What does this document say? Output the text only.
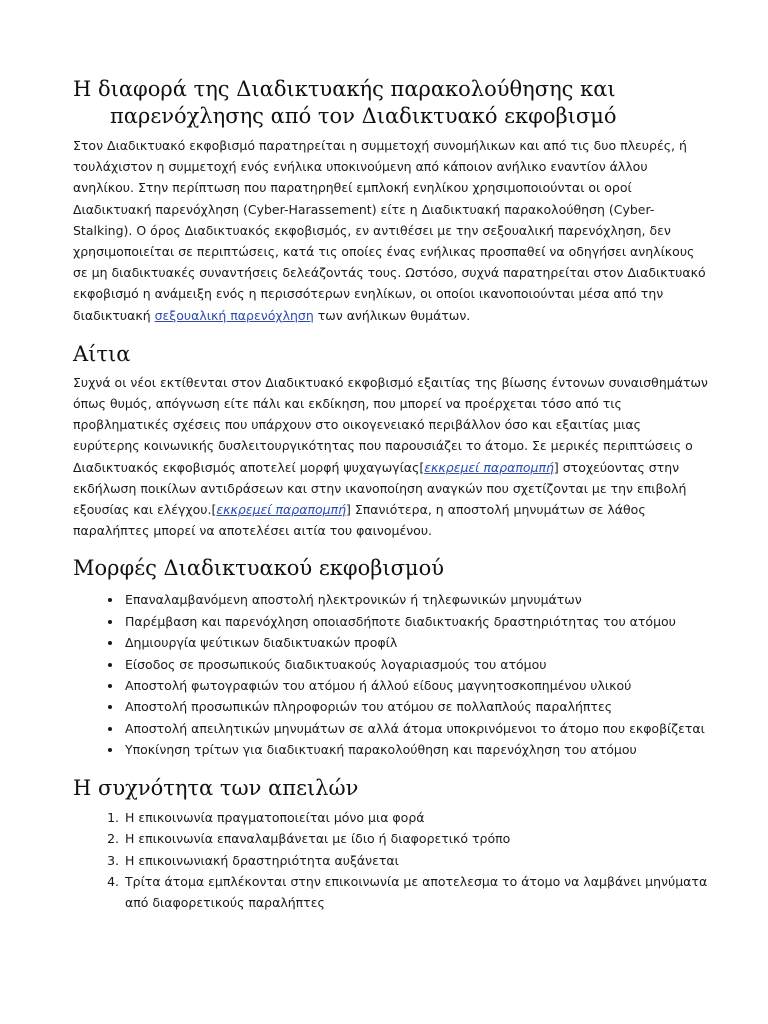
Η διαφορά της Διαδικτυακής παρακολούθησης και
παρενόχλησης από τον Διαδικτυακό εκφοβισμό

Στον Διαδικτυακό εκφοβισμό παρατηρείται η συμμετοχή συνομήλικων και από τις δυο πλευρές, ή τουλάχιστον η συμμετοχή ενός ενήλικα υποκινούμενη από κάποιον ανήλικο εναντίον άλλου ανηλίκου. Στην περίπτωση που παρατηρηθεί εμπλοκή ενηλίκου χρησιμοποιούνται οι οροί Διαδικτυακή παρενόχληση (Cyber-Harassement) είτε η Διαδικτυακή παρακολούθηση (Cyber-Stalking). Ο όρος Διαδικτυακός εκφοβισμός, εν αντιθέσει με την σεξουαλική παρενόχληση, δεν χρησιμοποιείται σε περιπτώσεις, κατά τις οποίες ένας ενήλικας προσπαθεί να οδηγήσει ανηλίκους σε μη διαδικτυακές συναντήσεις δελεάζοντάς τους. Ωστόσο, συχνά παρατηρείται στον Διαδικτυακό εκφοβισμό η ανάμειξη ενός η περισσότερων ενηλίκων, οι οποίοι ικανοποιούνται μέσα από την διαδικτυακή σεξουαλική παρενόχληση των ανήλικων θυμάτων.

Αίτια

Συχνά οι νέοι εκτίθενται στον Διαδικτυακό εκφοβισμό εξαιτίας της βίωσης έντονων συναισθημάτων όπως θυμός, απόγνωση είτε πάλι και εκδίκηση, που μπορεί να προέρχεται τόσο από τις προβληματικές σχέσεις που υπάρχουν στο οικογενειακό περιβάλλον όσο και εξαιτίας μιας ευρύτερης κοινωνικής δυσλειτουργικότητας που παρουσιάζει το άτομο. Σε μερικές περιπτώσεις ο Διαδικτυακός εκφοβισμός αποτελεί μορφή ψυχαγωγίας[εκκρεμεί παραπομπή] στοχεύοντας στην εκδήλωση ποικίλων αντιδράσεων και στην ικανοποίηση αναγκών που σχετίζονται με την επιβολή εξουσίας και ελέγχου.[εκκρεμεί παραπομπή] Σπανιότερα, η αποστολή μηνυμάτων σε λάθος παραλήπτες μπορεί να αποτελέσει αιτία του φαινομένου.

Μορφές Διαδικτυακού εκφοβισμού
• Επαναλαμβανόμενη αποστολή ηλεκτρονικών ή τηλεφωνικών μηνυμάτων
• Παρέμβαση και παρενόχληση οποιασδήποτε διαδικτυακής δραστηριότητας του ατόμου
• Δημιουργία ψεύτικων διαδικτυακών προφίλ
• Είσοδος σε προσωπικούς διαδικτυακούς λογαριασμούς του ατόμου
• Αποστολή φωτογραφιών του ατόμου ή άλλού είδους μαγνητοσκοπημένου υλικού
• Αποστολή προσωπικών πληροφοριών του ατόμου σε πολλαπλούς παραλήπτες
• Αποστολή απειλητικών μηνυμάτων σε αλλά άτομα υποκρινόμενοι το άτομο που εκφοβίζεται
• Υποκίνηση τρίτων για διαδικτυακή παρακολούθηση και παρενόχληση του ατόμου
Η συχνότητα των απειλών
1. Η επικοινωνία πραγματοποιείται μόνο μια φορά
2. Η επικοινωνία επαναλαμβάνεται με ίδιο ή διαφορετικό τρόπο
3. Η επικοινωνιακή δραστηριότητα αυξάνεται
4. Τρίτα άτομα εμπλέκονται στην επικοινωνία με αποτελεσμα το άτομο να λαμβάνει μηνύματα από διαφορετικούς παραλήπτες
